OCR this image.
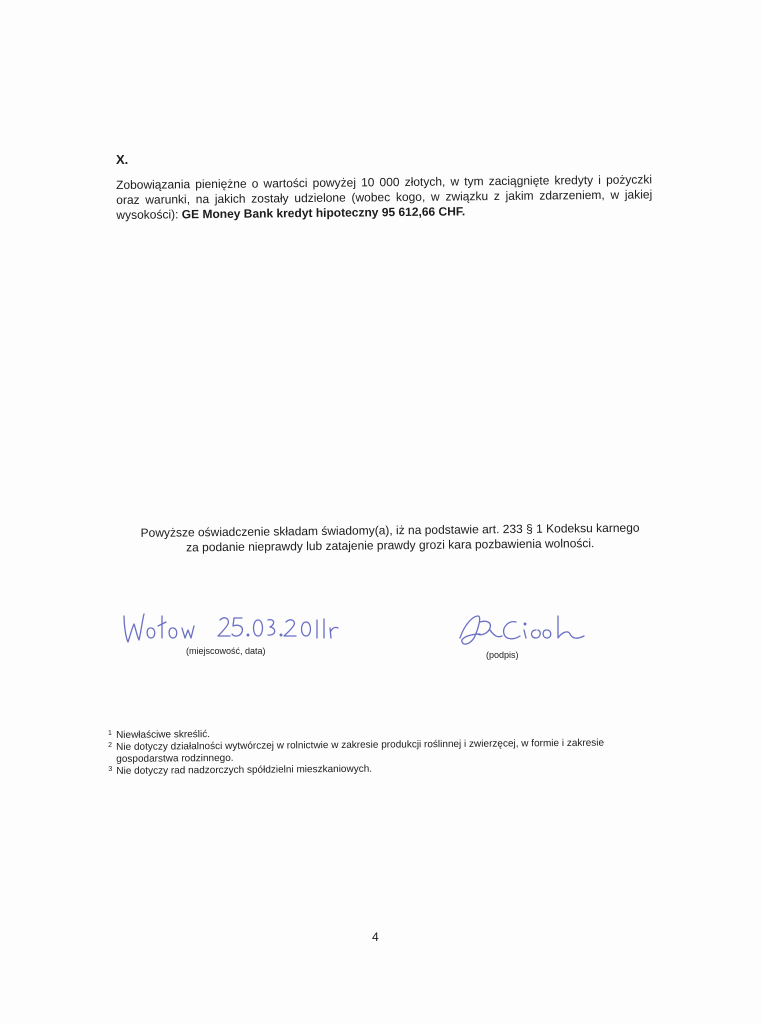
X.
Zobowiązania pieniężne o wartości powyżej 10 000 złotych, w tym zaciągnięte kredyty i pożyczki oraz warunki, na jakich zostały udzielone (wobec kogo, w związku z jakim zdarzeniem, w jakiej wysokości): GE Money Bank kredyt hipoteczny 95 612,66 CHF.
Powyższe oświadczenie składam świadomy(a), iż na podstawie art. 233 § 1 Kodeksu karnego
za podanie nieprawdy lub zatajenie prawdy grozi kara pozbawienia wolności.
(miejscowość, data)	(podpis)
1 Niewłaściwe skreślić.
2 Nie dotyczy działalności wytwórczej w rolnictwie w zakresie produkcji roślinnej i zwierzęcej, w formie i zakresie gospodarstwa rodzinnego.
3 Nie dotyczy rad nadzorczych spółdzielni mieszkaniowych.
4
